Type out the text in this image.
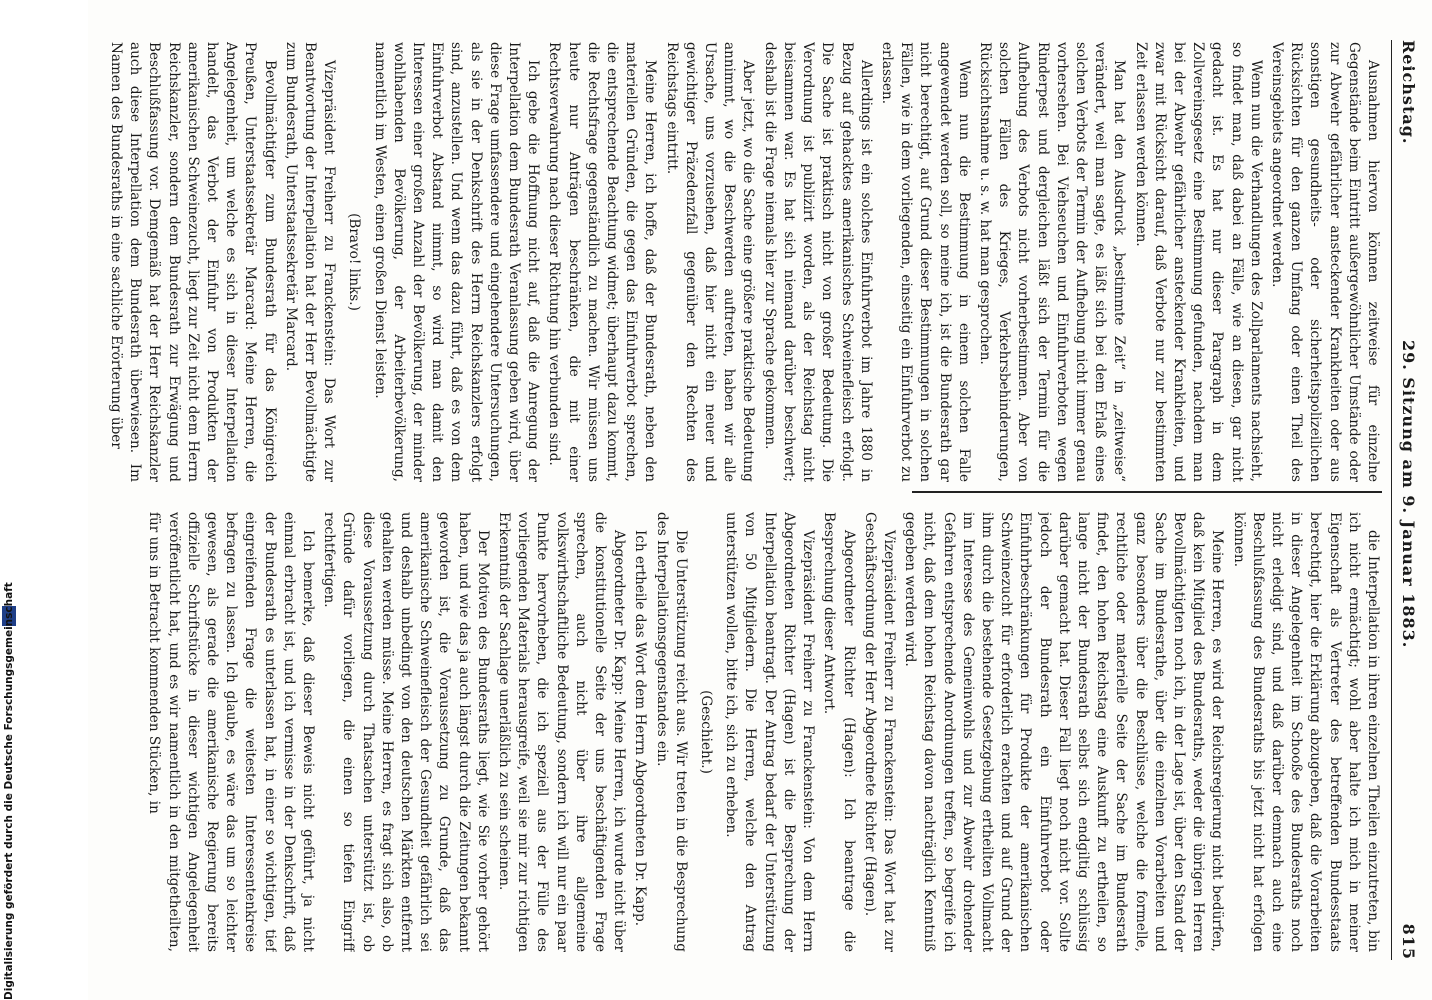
Reichstag.
29. Sitzung am 9. Januar 1883.
815

Ausnahmen hiervon können zeitweise für einzelne Gegenstände beim Eintritt außergewöhnlicher Umstände oder zur Abwehr gefährlicher ansteckender Krankheiten oder aus sonstigen gesundheits- oder sicherheitspolizeilichen Rücksichten für den ganzen Umfang oder einen Theil des Vereinsgebiets angeordnet werden.

Wenn nun die Verhandlungen des Zollparlaments nachsieht, so findet man, daß dabei an Fälle, wie an diesen, gar nicht gedacht ist. Es hat nur dieser Paragraph in dem Zollvereinsgesetz eine Bestimmung gefunden, nachdem man bei der Abwehr gefährlicher ansteckender Krankheiten, und zwar mit Rücksicht darauf, daß Verbote nur zur bestimmten Zeit erlassen werden können.

Man hat den Ausdruck „bestimmte Zeit“ in „zeitweise“ verändert, weil man sagte, es läßt sich bei dem Erlaß eines solchen Verbots der Termin der Aufhebung nicht immer genau vorhersehen. Bei Viehseuchen und Einfuhrverboten wegen Rinderpest und dergleichen läßt sich der Termin für die Aufhebung des Verbots nicht vorherbestimmen. Aber von solchen Fällen des Krieges, Verkehrsbehinderungen, Rücksichtsnahme u. s. w. hat man gesprochen.

Wenn nun die Bestimmung in einem solchen Falle angewendet werden soll, so meine ich, ist die Bundesrath gar nicht berechtigt, auf Grund dieser Bestimmungen in solchen Fällen, wie in dem vorliegenden, einseitig ein Einfuhrverbot zu erlassen.

Allerdings ist ein solches Einfuhrverbot im Jahre 1880 in Bezug auf gehacktes amerikanisches Schweinefleisch erfolgt. Die Sache ist praktisch nicht von großer Bedeutung. Die Verordnung ist publizirt worden, als der Reichstag nicht beisammen war. Es hat sich niemand darüber beschwert; deshalb ist die Frage niemals hier zur Sprache gekommen.

Aber jetzt, wo die Sache eine größere praktische Bedeutung annimmt, wo die Beschwerden auftreten, haben wir alle Ursache, uns vorzusehen, daß hier nicht ein neuer und gewichtiger Präzedenzfall gegenüber den Rechten des Reichstags eintritt.

Meine Herren, ich hoffe, daß der Bundesrath, neben den materiellen Gründen, die gegen das Einfuhrverbot sprechen, die entsprechende Beachtung widmet; überhaupt dazu kommt, die Rechtsfrage gegenständlich zu machen. Wir müssen uns heute nur Anträgen beschränken, die mit einer Rechtsverwahrung nach dieser Richtung hin verbunden sind.

Ich gebe die Hoffnung nicht auf, daß die Anregung der Interpellation dem Bundesrath Veranlassung geben wird, über diese Frage umfassendere und eingehendere Untersuchungen, als sie in der Denkschrift des Herrn Reichskanzlers erfolgt sind, anzustellen. Und wenn das dazu führt, daß es von dem Einfuhrverbot Abstand nimmt, so wird man damit den Interessen einer großen Anzahl der Bevölkerung, der minder wohlhabenden Bevölkerung, der Arbeiterbevölkerung, namentlich im Westen, einen großen Dienst leisten.

(Bravo! links.)

Vizepräsident Freiherr zu Franckenstein: Das Wort zur Beantwortung der Interpellation hat der Herr Bevollmächtigte zum Bundesrath, Unterstaatssekretär Marcard.

Bevollmächtigter zum Bundesrath für das Königreich Preußen, Unterstaatssekretär Marcard: Meine Herren, die Angelegenheit, um welche es sich in dieser Interpellation handelt, das Verbot der Einfuhr von Produkten der amerikanischen Schweinezucht, liegt zur Zeit nicht dem Herrn Reichskanzler, sondern dem Bundesrath zur Erwägung und Beschlußfassung vor. Demgemäß hat der Herr Reichskanzler auch diese Interpellation dem Bundesrath überwiesen. Im Namen des Bundesraths in eine sachliche Erörterung über

die Interpellation in ihren einzelnen Theilen einzutreten, bin ich nicht ermächtigt; wohl aber halte ich mich in meiner Eigenschaft als Vertreter des betreffenden Bundesstaats berechtigt, hier die Erklärung abzugeben, daß die Vorarbeiten in dieser Angelegenheit im Schooße des Bundesraths noch nicht erledigt sind, und daß darüber demnach auch eine Beschlußfassung des Bundesraths bis jetzt nicht hat erfolgen können.

Meine Herren, es wird der Reichsregierung nicht bedürfen, daß kein Mitglied des Bundesraths, weder die übrigen Herren Bevollmächtigten noch ich, in der Lage ist, über den Stand der Sache im Bundesrathe, über die einzelnen Vorarbeiten und ganz besonders über die Beschlüsse, welche die formelle, rechtliche oder materielle Seite der Sache im Bundesrath findet, den hohen Reichstag eine Auskunft zu ertheilen, so lange nicht der Bundesrath selbst sich endgiltig schlüssig darüber gemacht hat. Dieser Fall liegt noch nicht vor. Sollte jedoch der Bundesrath ein Einfuhrverbot oder Einfuhrbeschränkungen für Produkte der amerikanischen Schweinezucht für erforderlich erachten und auf Grund der ihm durch die bestehende Gesetzgebung ertheilten Vollmacht im Interesse des Gemeinwohls und zur Abwehr drohender Gefahren entsprechende Anordnungen treffen, so begreife ich nicht, daß dem hohen Reichstag davon nachträglich Kenntniß gegeben werden wird.

Vizepräsident Freiherr zu Franckenstein: Das Wort hat zur Geschäftsordnung der Herr Abgeordnete Richter (Hagen).

Abgeordneter Richter (Hagen): Ich beantrage die Besprechung dieser Antwort.

Vizepräsident Freiherr zu Franckenstein: Von dem Herrn Abgeordneten Richter (Hagen) ist die Besprechung der Interpellation beantragt. Der Antrag bedarf der Unterstützung von 50 Mitgliedern. Die Herren, welche den Antrag unterstützen wollen, bitte ich, sich zu erheben.

(Geschieht.)

Die Unterstützung reicht aus. Wir treten in die Besprechung des Interpellationsgegenstandes ein.

Ich ertheile das Wort dem Herrn Abgeordneten Dr. Kapp.

Abgeordneter Dr. Kapp: Meine Herren, ich wurde nicht über die konstitutionelle Seite der uns beschäftigenden Frage sprechen, auch nicht über ihre allgemeine volkswirthschaftliche Bedeutung, sondern ich will nur ein paar Punkte hervorheben, die ich speziell aus der Fülle des vorliegenden Materials herausgreife, weil sie mir zur richtigen Erkenntniß der Sachlage unerläßlich zu sein scheinen.

Der Motiven des Bundesraths liegt, wie Sie vorher gehört haben, und wie das ja auch längst durch die Zeitungen bekannt geworden ist, die Voraussetzung zu Grunde, daß das amerikanische Schweinefleisch der Gesundheit gefährlich sei und deshalb unbedingt von den deutschen Märkten entfernt gehalten werden müsse. Meine Herren, es fragt sich also, ob diese Voraussetzung durch Thatsachen unterstützt ist, ob Gründe dafür vorliegen, die einen so tiefen Eingriff rechtfertigen.

Ich bemerke, daß dieser Beweis nicht geführt, ja nicht einmal erbracht ist, und ich vermisse in der Denkschrift, daß der Bundesrath es unterlassen hat, in einer so wichtigen, tief eingreifenden Frage die weitesten Interessentenkreise befragen zu lassen. Ich glaube, es wäre das um so leichter gewesen, als gerade die amerikanische Regierung bereits offizielle Schriftstücke in dieser wichtigen Angelegenheit veröffentlicht hat, und es wir namentlich in den mitgetheilten, für uns in Betracht kommenden Stücken, in

Digitalisierung gefördert durch die Deutsche Forschungsgemeinschaft
